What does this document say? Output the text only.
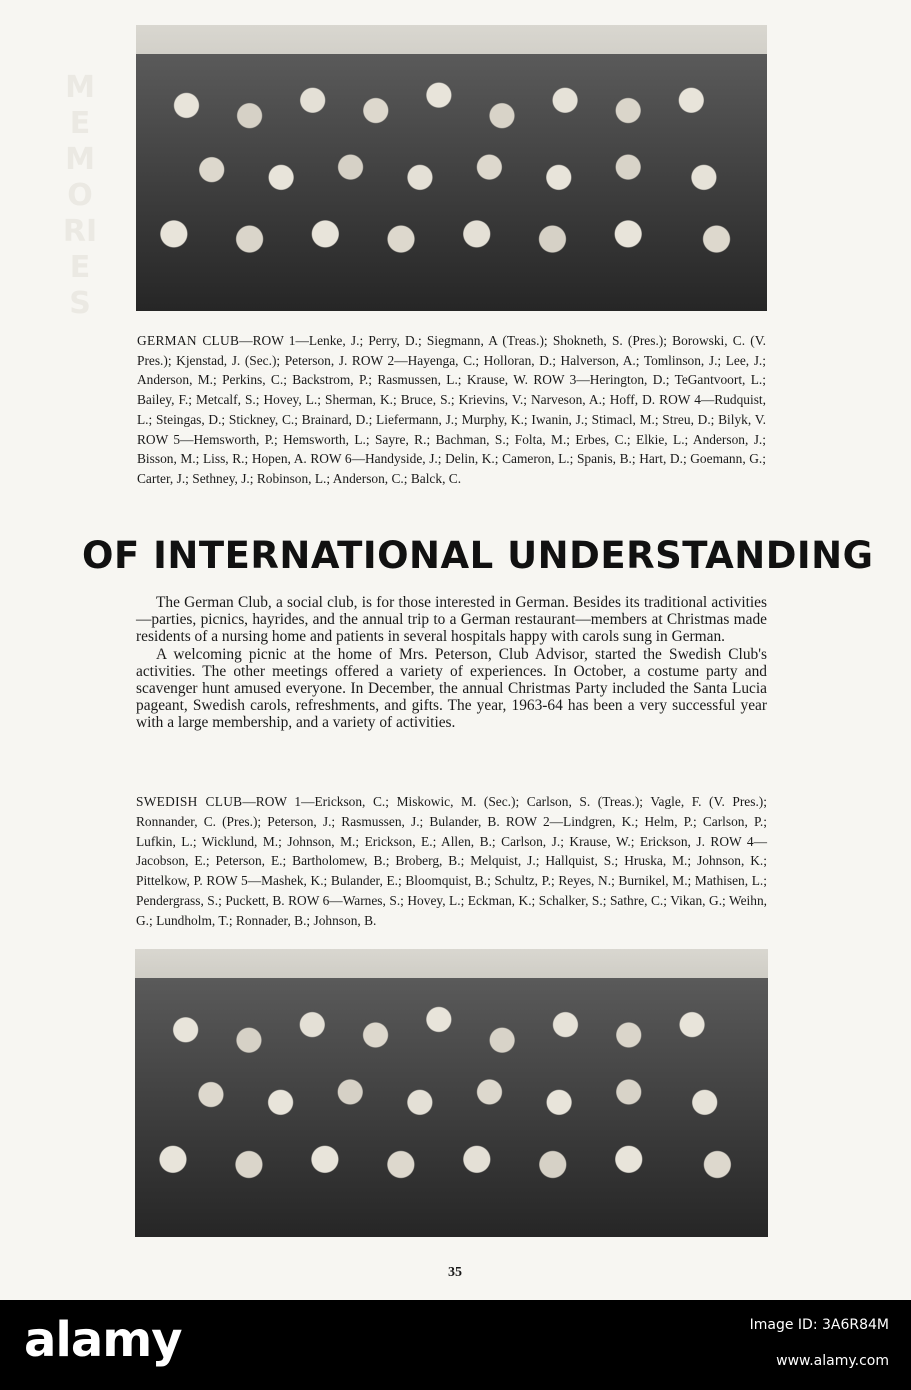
MEMORIES

GERMAN CLUB—ROW 1—Lenke, J.; Perry, D.; Siegmann, A (Treas.); Shokneth, S. (Pres.); Borowski, C. (V. Pres.); Kjenstad, J. (Sec.); Peterson, J. ROW 2—Hayenga, C.; Holloran, D.; Halverson, A.; Tomlinson, J.; Lee, J.; Anderson, M.; Perkins, C.; Backstrom, P.; Rasmussen, L.; Krause, W. ROW 3—Herington, D.; TeGantvoort, L.; Bailey, F.; Metcalf, S.; Hovey, L.; Sherman, K.; Bruce, S.; Krievins, V.; Narveson, A.; Hoff, D. ROW 4—Rudquist, L.; Steingas, D.; Stickney, C.; Brainard, D.; Liefermann, J.; Murphy, K.; Iwanin, J.; Stimacl, M.; Streu, D.; Bilyk, V. ROW 5—Hemsworth, P.; Hemsworth, L.; Sayre, R.; Bachman, S.; Folta, M.; Erbes, C.; Elkie, L.; Anderson, J.; Bisson, M.; Liss, R.; Hopen, A. ROW 6—Handyside, J.; Delin, K.; Cameron, L.; Spanis, B.; Hart, D.; Goemann, G.; Carter, J.; Sethney, J.; Robinson, L.; Anderson, C.; Balck, C.

OF INTERNATIONAL UNDERSTANDING

The German Club, a social club, is for those interested in German. Besides its traditional activities—parties, picnics, hayrides, and the annual trip to a German restaurant—members at Christmas made residents of a nursing home and patients in several hospitals happy with carols sung in German.

A welcoming picnic at the home of Mrs. Peterson, Club Advisor, started the Swedish Club's activities. The other meetings offered a variety of experiences. In October, a costume party and scavenger hunt amused everyone. In December, the annual Christmas Party included the Santa Lucia pageant, Swedish carols, refreshments, and gifts. The year, 1963-64 has been a very successful year with a large membership, and a variety of activities.

SWEDISH CLUB—ROW 1—Erickson, C.; Miskowic, M. (Sec.); Carlson, S. (Treas.); Vagle, F. (V. Pres.); Ronnander, C. (Pres.); Peterson, J.; Rasmussen, J.; Bulander, B. ROW 2—Lindgren, K.; Helm, P.; Carlson, P.; Lufkin, L.; Wicklund, M.; Johnson, M.; Erickson, E.; Allen, B.; Carlson, J.; Krause, W.; Erickson, J. ROW 4—Jacobson, E.; Peterson, E.; Bartholomew, B.; Broberg, B.; Melquist, J.; Hallquist, S.; Hruska, M.; Johnson, K.; Pittelkow, P. ROW 5—Mashek, K.; Bulander, E.; Bloomquist, B.; Schultz, P.; Reyes, N.; Burnikel, M.; Mathisen, L.; Pendergrass, S.; Puckett, B. ROW 6—Warnes, S.; Hovey, L.; Eckman, K.; Schalker, S.; Sathre, C.; Vikan, G.; Weihn, G.; Lundholm, T.; Ronnader, B.; Johnson, B.

35
alamy	Image ID: 3A6R84M
www.alamy.com
